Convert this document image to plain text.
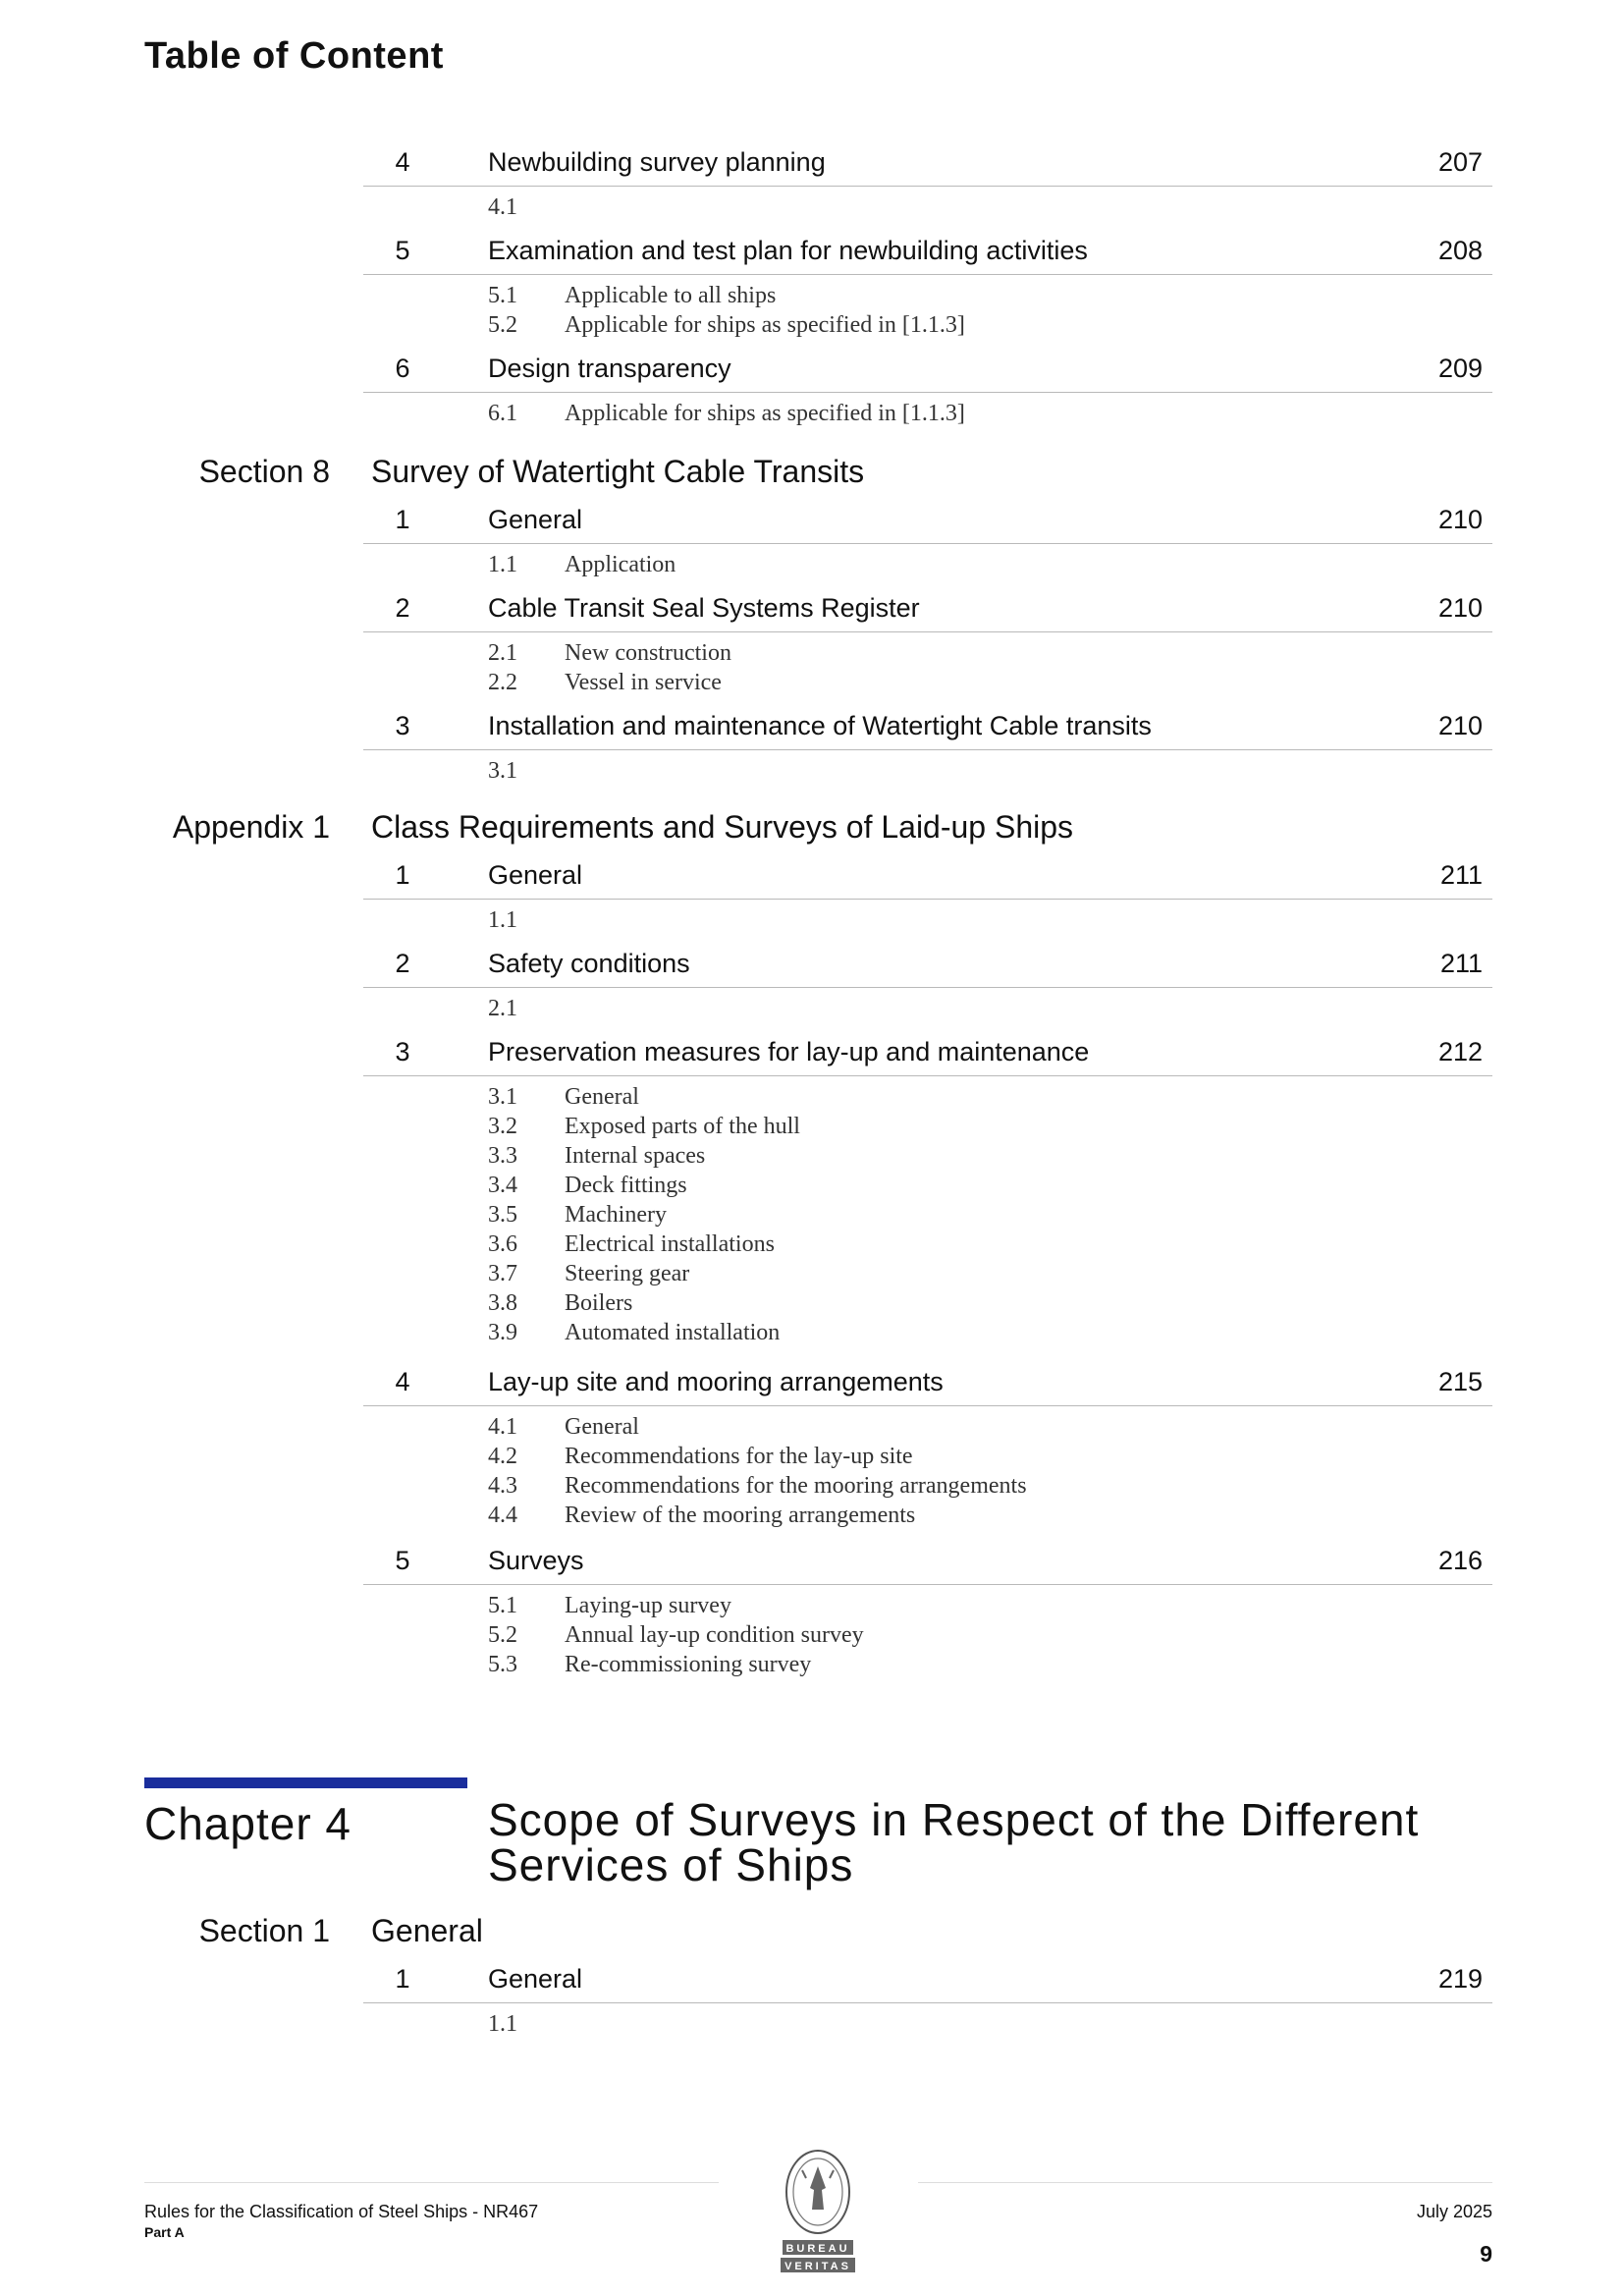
Table of Content
4	Newbuilding survey planning	207
4.1
5	Examination and test plan for newbuilding activities	208
5.1 Applicable to all ships
5.2 Applicable for ships as specified in [1.1.3]
6	Design transparency	209
6.1 Applicable for ships as specified in [1.1.3]
Section 8 Survey of Watertight Cable Transits
1	General	210
1.1 Application
2	Cable Transit Seal Systems Register	210
2.1 New construction
2.2 Vessel in service
3	Installation and maintenance of Watertight Cable transits	210
3.1
Appendix 1 Class Requirements and Surveys of Laid-up Ships
1	General	211
1.1
2	Safety conditions	211
2.1
3	Preservation measures for lay-up and maintenance	212
3.1 General
3.2 Exposed parts of the hull
3.3 Internal spaces
3.4 Deck fittings
3.5 Machinery
3.6 Electrical installations
3.7 Steering gear
3.8 Boilers
3.9 Automated installation
4	Lay-up site and mooring arrangements	215
4.1 General
4.2 Recommendations for the lay-up site
4.3 Recommendations for the mooring arrangements
4.4 Review of the mooring arrangements
5	Surveys	216
5.1 Laying-up survey
5.2 Annual lay-up condition survey
5.3 Re-commissioning survey
Chapter 4	Scope of Surveys in Respect of the Different
Services of Ships
Section 1 General
1	General	219
1.1
Rules for the Classification of Steel Ships - NR467
Part A
July 2025
9
BUREAU
VERITAS
